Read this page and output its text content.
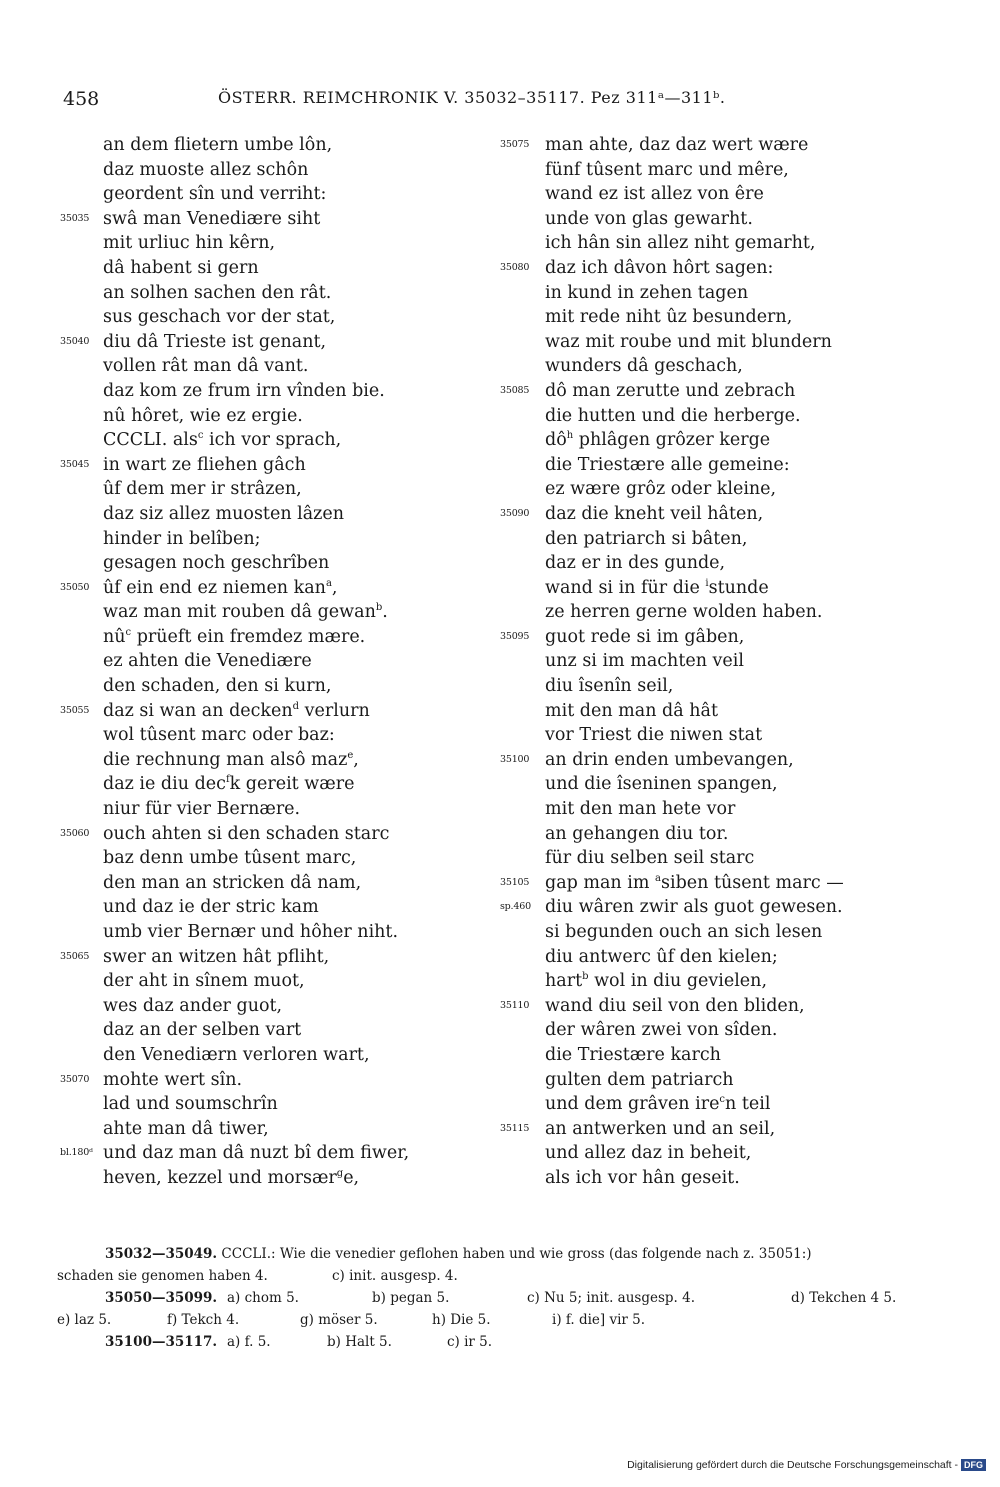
458	ÖSTERR. REIMCHRONIK V. 35032–35117. Pez 311ᵃ—311ᵇ.
an dem flietern umbe lôn,
daz muoste allez schôn
geordent sîn und verriht:
35035 swâ man Venediære siht
mit urliuc hin kêrn,
dâ habent si gern
an solhen sachen den rât.
sus geschach vor der stat,
35040 diu dâ Trieste ist genant,
vollen rât man dâ vant.
daz kom ze frum irn vînden bie.
nû hôret, wie ez ergie.
CCCLI. als$^c$ ich vor sprach,
35045 in wart ze fliehen gâch
ûf dem mer ir strâzen,
daz siz allez muosten lâzen
hinder in belîben;
gesagen noch geschrîben
35050 ûf ein end ez niemen kan$^a$,
waz man mit rouben dâ gewan$^b$.
$nû^c$ prüeft ein fremdez mære.
ez ahten die Venediære
den schaden, den si kurn,
35055 daz si wan an decken$^d$ verlurn
wol tûsent marc oder baz:
die rechnung man alsô maz$^e$,
daz ie diu dec$^f$k gereit wære
niur für vier Bernære.
35060 ouch ahten si den schaden starc
baz denn umbe tûsent marc,
den man an stricken dâ nam,
und daz ie der stric kam
umb vier Bernær und hôher niht.
35065 swer an witzen hât pfliht,
der aht in sînem muot,
wes daz ander guot,
daz an der selben vart
den Venediærn verloren wart,
35070 mohte wert sîn.
lad und soumschrîn
ahte man dâ tiwer,
bl.180ᵈ und daz man dâ nuzt bî dem fiwer,
heven, kezzel und morsær$^g$e,
35075 man ahte, daz daz wert wære
fünf tûsent marc und mêre,
wand ez ist allez von êre
unde von glas gewarht.
ich hân sin allez niht gemarht,
35080 daz ich dâvon hôrt sagen:
in kund in zehen tagen
mit rede niht ûz besundern,
waz mit roube und mit blundern
wunders dâ geschach,
35085 dô man zerutte und zebrach
die hutten und die herberge.
$dô^h$ phlâgen grôzer kerge
die Triestære alle gemeine:
ez wære grôz oder kleine,
35090 daz die kneht veil hâten,
den patriarch si bâten,
daz er in des gunde,
wand si in für die $^i$stunde
ze herren gerne wolden haben.
35095 guot rede si im gâben,
unz si im machten veil
diu îsenîn seil,
mit den man dâ hât
vor Triest die niwen stat
35100 an drin enden umbevangen,
und die îseninen spangen,
mit den man hete vor
an gehangen diu tor.
für diu selben seil starc
35105 gap man im $^a$siben tûsent marc —
sp.460 diu wâren zwir als guot gewesen.
si begunden ouch an sich lesen
diu antwerc ûf den kielen;
hart$^b$ wol in diu gevielen,
35110 wand diu seil von den bliden,
der wâren zwei von sîden.
die Triestære karch
gulten dem patriarch
und dem grâven ire$^c$n teil
35115 an antwerken und an seil,
und allez daz in beheit,
als ich vor hân geseit.
35032—35049. CCCLI.: Wie die venedier geflohen haben und wie gross (das folgende nach z. 35051:)
schaden sie genomen haben 4.	c) init. ausgesp. 4.
35050—35099. a) chom 5.	b) pegan 5.	c) Nu 5; init. ausgesp. 4.	d) Tekchen 4 5.
e) laz 5.	f) Tekch 4.	g) möser 5.	h) Die 5.	i) f. die] vir 5.
35100—35117. a) f. 5.	b) Halt 5.	c) ir 5.
Digitalisierung gefördert durch die Deutsche Forschungsgemeinschaft - DFG
